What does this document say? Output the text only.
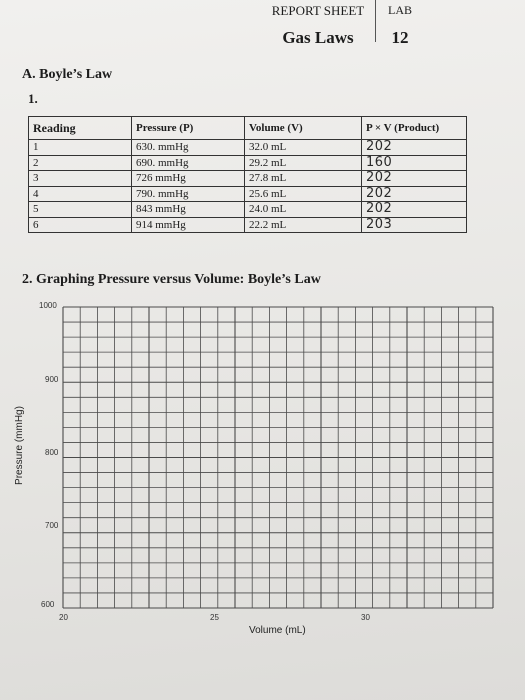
REPORT SHEET
Gas Laws
LAB
12
A. Boyle’s Law
1.
Reading	Pressure (P)	Volume (V)	P × V (Product)
1	630. mmHg	32.0 mL	202
2	690. mmHg	29.2 mL	160
3	726 mmHg	27.8 mL	202
4	790. mmHg	25.6 mL	202
5	843 mmHg	24.0 mL	202
6	914 mmHg	22.2 mL	203
2. Graphing Pressure versus Volume: Boyle’s Law
1000
900
800
700
600
20	25	30
Volume (mL)
Pressure (mmHg)
